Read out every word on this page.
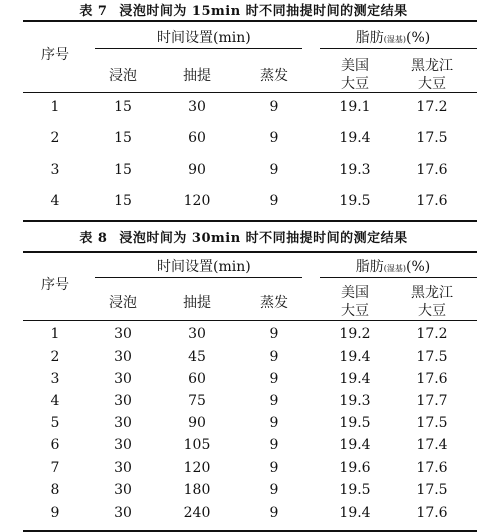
表 7 浸泡时间为 15min 时不同抽提时间的测定结果
序号
时间设置(min)	脂肪(湿基)(%)
浸泡	抽提	蒸发
美国
大豆
黑龙江
大豆
1	15	30	9	19.1	17.2
2	15	60	9	19.4	17.5
3	15	90	9	19.3	17.6
4	15	120	9	19.5	17.6
表 8 浸泡时间为 30min 时不同抽提时间的测定结果
序号
时间设置(min)	脂肪(湿基)(%)
浸泡	抽提	蒸发
美国
大豆
黑龙江
大豆
1	30	30	9	19.2	17.2
2	30	45	9	19.4	17.5
3	30	60	9	19.4	17.6
4	30	75	9	19.3	17.7
5	30	90	9	19.5	17.5
6	30	105	9	19.4	17.4
7	30	120	9	19.6	17.6
8	30	180	9	19.5	17.5
9	30	240	9	19.4	17.6
